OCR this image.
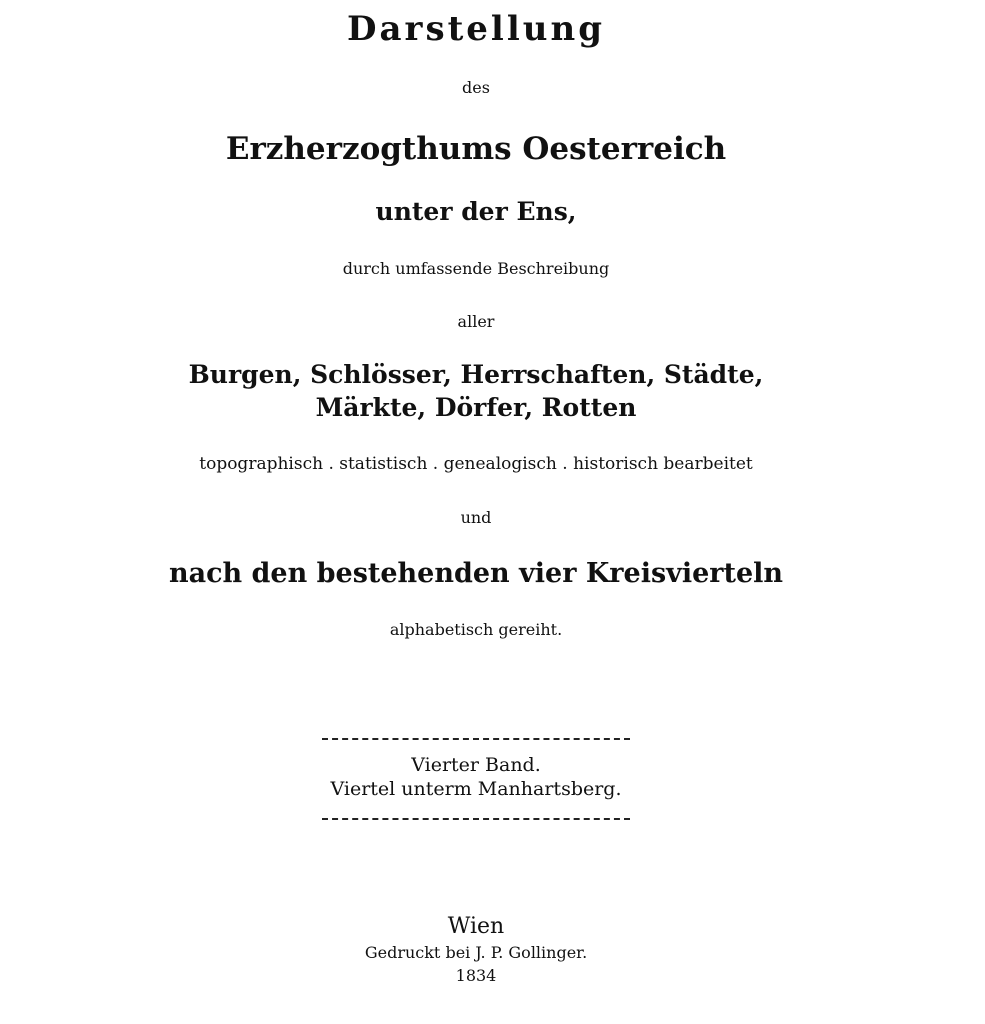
Darstellung
des
Erzherzogthums Oesterreich
unter der Ens,
durch umfassende Beschreibung
aller
Burgen, Schlösser, Herrschaften, Städte,
Märkte, Dörfer, Rotten
topographisch . statistisch . genealogisch . historisch bearbeitet
und
nach den bestehenden vier Kreisvierteln
alphabetisch gereiht.
Vierter Band.
Viertel unterm Manhartsberg.
Wien
Gedruckt bei J. P. Gollinger.
1834
